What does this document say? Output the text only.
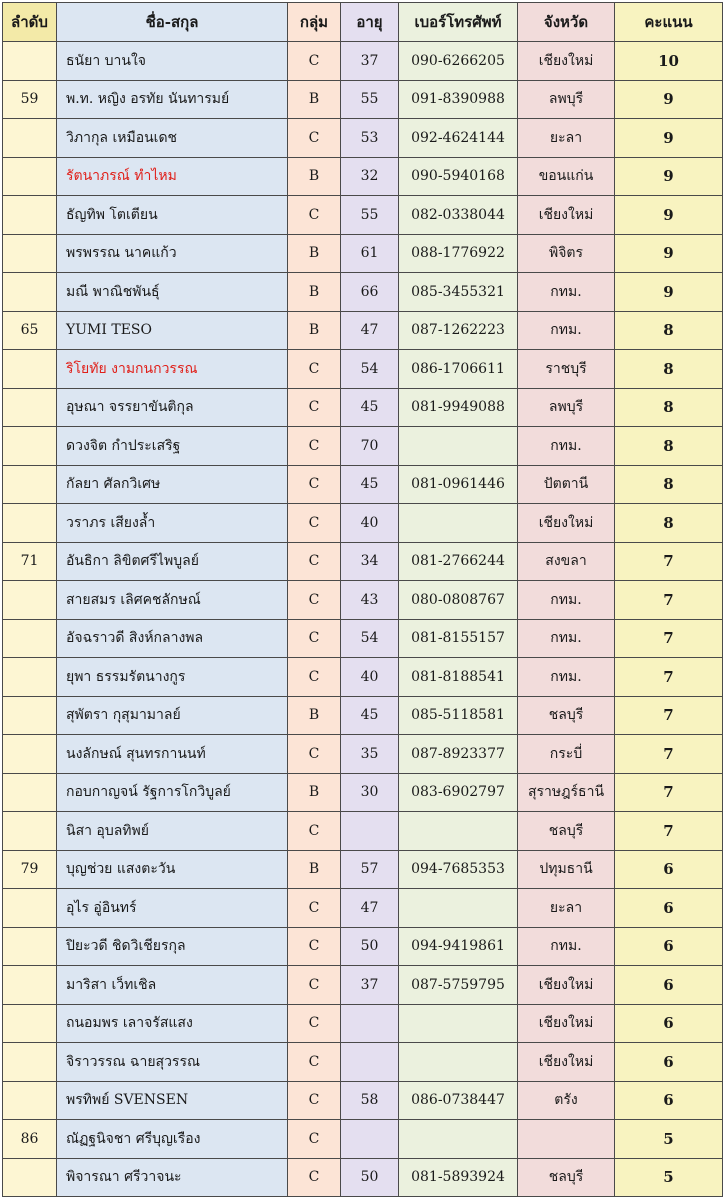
ลำดับ	ชื่อ-สกุล	กลุ่ม	อายุ	เบอร์โทรศัพท์	จังหวัด	คะแนน
	ธนัยา บานใจ	C	37	090-6266205	เชียงใหม่	10
59	พ.ท. หญิง อรทัย นันทารมย์	B	55	091-8390988	ลพบุรี	9
	วิภากุล เหมือนเดช	C	53	092-4624144	ยะลา	9
	รัตนาภรณ์ ทำไหม	B	32	090-5940168	ขอนแก่น	9
	ธัญทิพ โตเตียน	C	55	082-0338044	เชียงใหม่	9
	พรพรรณ นาคแก้ว	B	61	088-1776922	พิจิตร	9
	มณี พาณิชพันธุ์	B	66	085-3455321	กทม.	9
65	YUMI TESO	B	47	087-1262223	กทม.	8
	ริโยทัย งามกนกวรรณ	C	54	086-1706611	ราชบุรี	8
	อุษณา จรรยาขันติกุล	C	45	081-9949088	ลพบุรี	8
	ดวงจิต กำประเสริฐ	C	70		กทม.	8
	กัลยา ศัลกวิเศษ	C	45	081-0961446	ปัตตานี	8
	วราภร เสียงล้ำ	C	40		เชียงใหม่	8
71	อันธิกา ลิขิตศรีไพบูลย์	C	34	081-2766244	สงขลา	7
	สายสมร เลิศคชลักษณ์	C	43	080-0808767	กทม.	7
	อัจฉราวดี สิงห์กลางพล	C	54	081-8155157	กทม.	7
	ยุพา ธรรมรัตนางกูร	C	40	081-8188541	กทม.	7
	สุพัตรา กุสุมามาลย์	B	45	085-5118581	ชลบุรี	7
	นงลักษณ์ สุนทรกานนท์	C	35	087-8923377	กระบี่	7
	กอบกาญจน์ รัฐการโกวิบูลย์	B	30	083-6902797	สุราษฎร์ธานี	7
	นิสา อุบลทิพย์	C			ชลบุรี	7
79	บุญช่วย แสงตะวัน	B	57	094-7685353	ปทุมธานี	6
	อุไร อู่อินทร์	C	47		ยะลา	6
	ปิยะวดี ชิดวิเชียรกุล	C	50	094-9419861	กทม.	6
	มาริสา เว็ทเชิล	C	37	087-5759795	เชียงใหม่	6
	ถนอมพร เลาจรัสแสง	C			เชียงใหม่	6
	จิราวรรณ ฉายสุวรรณ	C			เชียงใหม่	6
	พรทิพย์ SVENSEN	C	58	086-0738447	ตรัง	6
86	ณัฏฐนิจชา ศรีบุญเรือง	C				5
	พิจารณา ศรีวาจนะ	C	50	081-5893924	ชลบุรี	5
